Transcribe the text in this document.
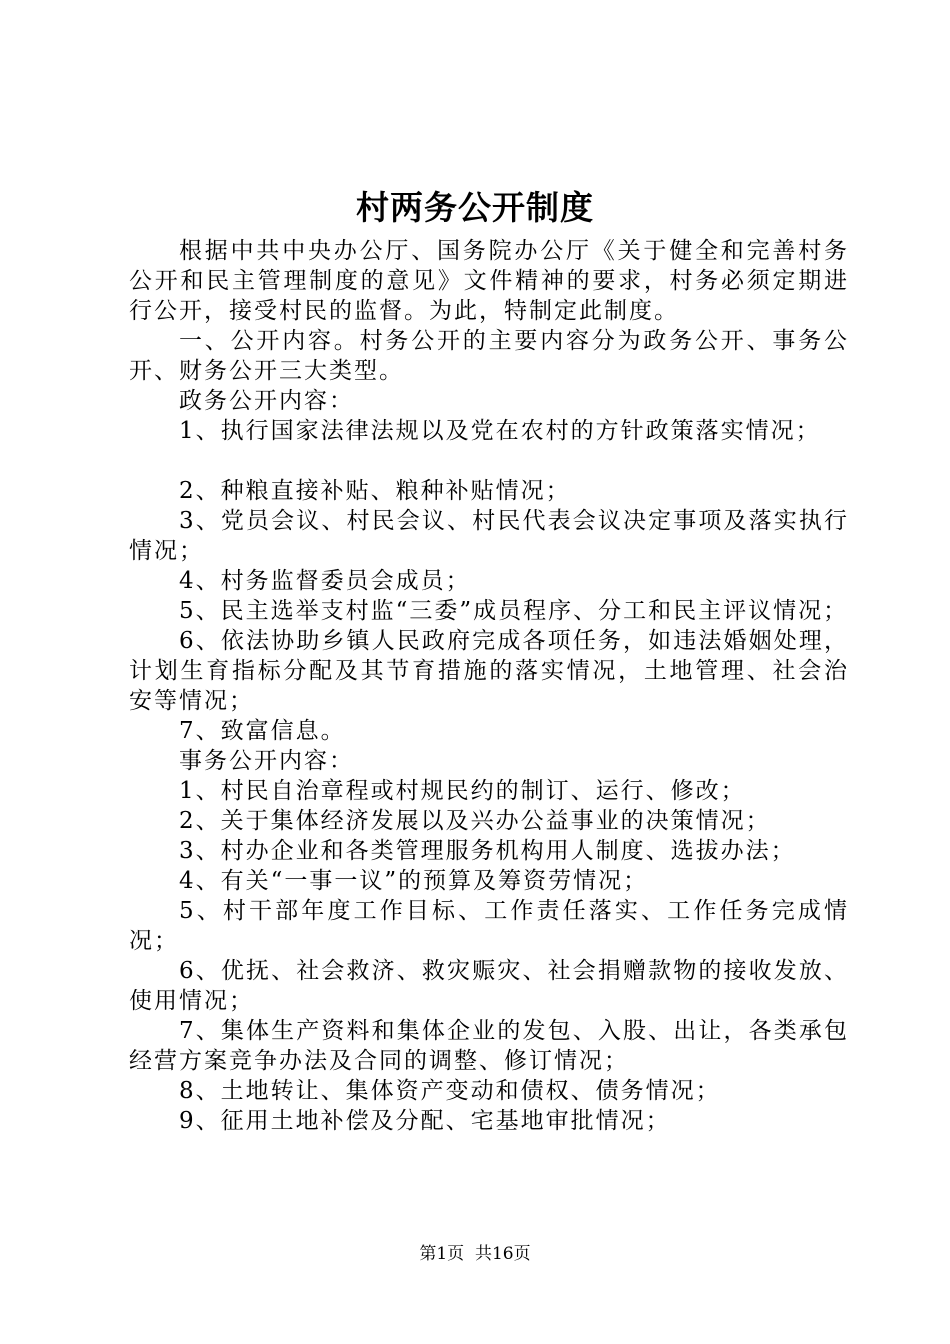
村两务公开制度

根据中共中央办公厅、国务院办公厅《关于健全和完善村务公开和民主管理制度的意见》文件精神的要求，村务必须定期进行公开，接受村民的监督。为此，特制定此制度。

一、公开内容。村务公开的主要内容分为政务公开、事务公开、财务公开三大类型。

政务公开内容：

1、执行国家法律法规以及党在农村的方针政策落实情况；

2、种粮直接补贴、粮种补贴情况；

3、党员会议、村民会议、村民代表会议决定事项及落实执行情况；

4、村务监督委员会成员；

5、民主选举支村监“三委”成员程序、分工和民主评议情况；

6、依法协助乡镇人民政府完成各项任务，如违法婚姻处理，计划生育指标分配及其节育措施的落实情况，土地管理、社会治安等情况；

7、致富信息。

事务公开内容：

1、村民自治章程或村规民约的制订、运行、修改；

2、关于集体经济发展以及兴办公益事业的决策情况；

3、村办企业和各类管理服务机构用人制度、选拔办法；

4、有关“一事一议”的预算及筹资劳情况；

5、村干部年度工作目标、工作责任落实、工作任务完成情况；

6、优抚、社会救济、救灾赈灾、社会捐赠款物的接收发放、使用情况；

7、集体生产资料和集体企业的发包、入股、出让，各类承包经营方案竞争办法及合同的调整、修订情况；

8、土地转让、集体资产变动和债权、债务情况；

9、征用土地补偿及分配、宅基地审批情况；

第1页  共16页
